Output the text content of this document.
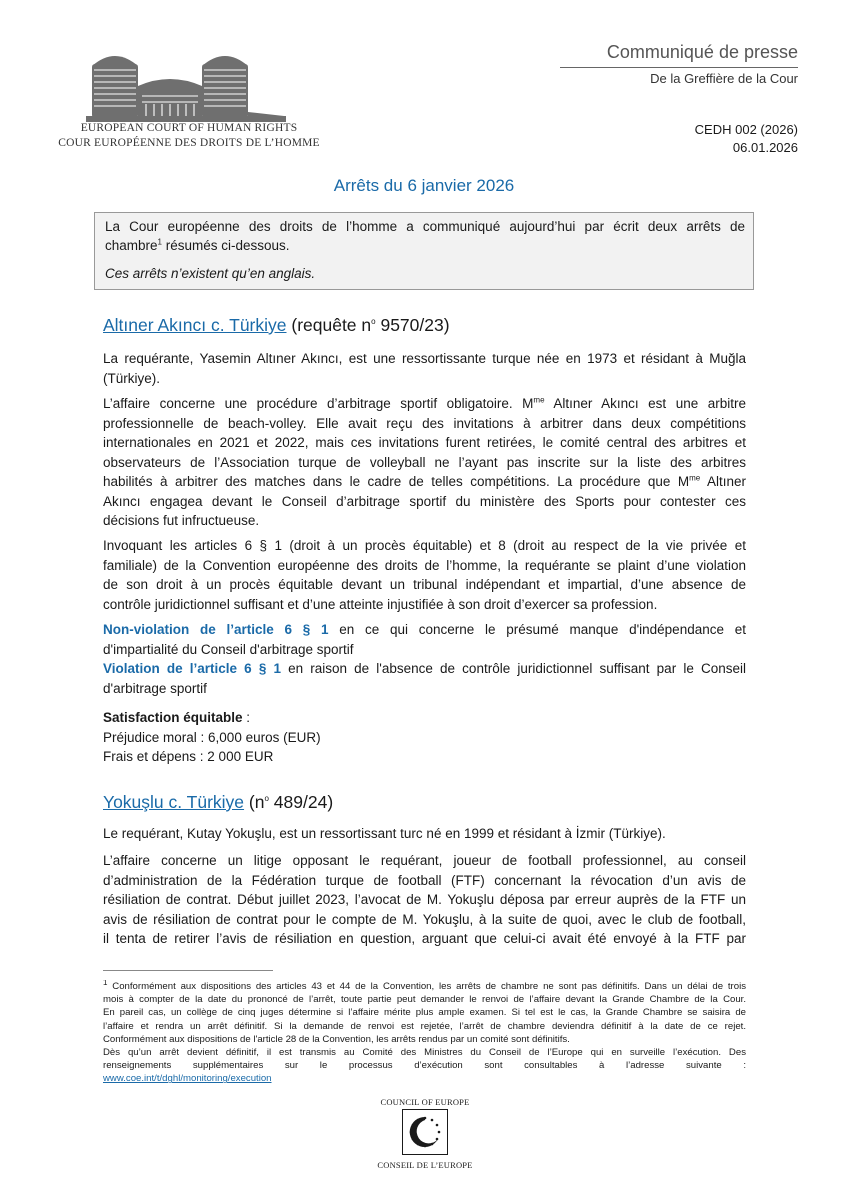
EUROPEAN COURT OF HUMAN RIGHTS
COUR EUROPÉENNE DES DROITS DE L’HOMME
Communiqué de presse
De la Greffière de la Cour
CEDH 002 (2026)
06.01.2026
Arrêts du 6 janvier 2026
La Cour européenne des droits de l’homme a communiqué aujourd’hui par écrit deux arrêts de
chambre$^1$ résumés ci-dessous.
Ces arrêts n’existent qu’en anglais.
Altıner Akıncı c. Türkiye (requête $n^o$ 9570/23)
La requérante, Yasemin Altıner Akıncı, est une ressortissante turque née en 1973 et résidant à Muğla
(Türkiye).
L’affaire concerne une procédure d’arbitrage sportif obligatoire. $M^{me}$ Altıner Akıncı est une arbitre
professionnelle de beach-volley. Elle avait reçu des invitations à arbitrer dans deux compétitions
internationales en 2021 et 2022, mais ces invitations furent retirées, le comité central des arbitres et
observateurs de l’Association turque de volleyball ne l’ayant pas inscrite sur la liste des arbitres
habilités à arbitrer des matches dans le cadre de telles compétitions. La procédure que $M^{me}$ Altıner
Akıncı engagea devant le Conseil d’arbitrage sportif du ministère des Sports pour contester ces
décisions fut infructueuse.
Invoquant les articles 6 § 1 (droit à un procès équitable) et 8 (droit au respect de la vie privée et
familiale) de la Convention européenne des droits de l’homme, la requérante se plaint d’une violation
de son droit à un procès équitable devant un tribunal indépendant et impartial, d’une absence de
contrôle juridictionnel suffisant et d’une atteinte injustifiée à son droit d’exercer sa profession.
Non-violation de l’article 6 § 1 en ce qui concerne le présumé manque d'indépendance et
d'impartialité du Conseil d'arbitrage sportif
Violation de l’article 6 § 1 en raison de l'absence de contrôle juridictionnel suffisant par le Conseil
d'arbitrage sportif
Satisfaction équitable :
Préjudice moral : 6,000 euros (EUR)
Frais et dépens : 2 000 EUR
Yokuşlu c. Türkiye ($n^o$ 489/24)
Le requérant, Kutay Yokuşlu, est un ressortissant turc né en 1999 et résidant à İzmir (Türkiye).
L’affaire concerne un litige opposant le requérant, joueur de football professionnel, au conseil
d’administration de la Fédération turque de football (FTF) concernant la révocation d’un avis de
résiliation de contrat. Début juillet 2023, l’avocat de M. Yokuşlu déposa par erreur auprès de la FTF un
avis de résiliation de contrat pour le compte de M. Yokuşlu, à la suite de quoi, avec le club de football,
il tenta de retirer l’avis de résiliation en question, arguant que celui-ci avait été envoyé à la FTF par
$^1$ Conformément aux dispositions des articles 43 et 44 de la Convention, les arrêts de chambre ne sont pas définitifs. Dans un délai de trois
mois à compter de la date du prononcé de l’arrêt, toute partie peut demander le renvoi de l’affaire devant la Grande Chambre de la Cour.
En pareil cas, un collège de cinq juges détermine si l’affaire mérite plus ample examen. Si tel est le cas, la Grande Chambre se saisira de
l’affaire et rendra un arrêt définitif. Si la demande de renvoi est rejetée, l’arrêt de chambre deviendra définitif à la date de ce rejet.
Conformément aux dispositions de l'article 28 de la Convention, les arrêts rendus par un comité sont définitifs.
Dès qu’un arrêt devient définitif, il est transmis au Comité des Ministres du Conseil de l’Europe qui en surveille l’exécution. Des
renseignements supplémentaires sur le processus d’exécution sont consultables à l’adresse suivante :
www.coe.int/t/dghl/monitoring/execution
COUNCIL OF EUROPE
CONSEIL DE L’EUROPE
